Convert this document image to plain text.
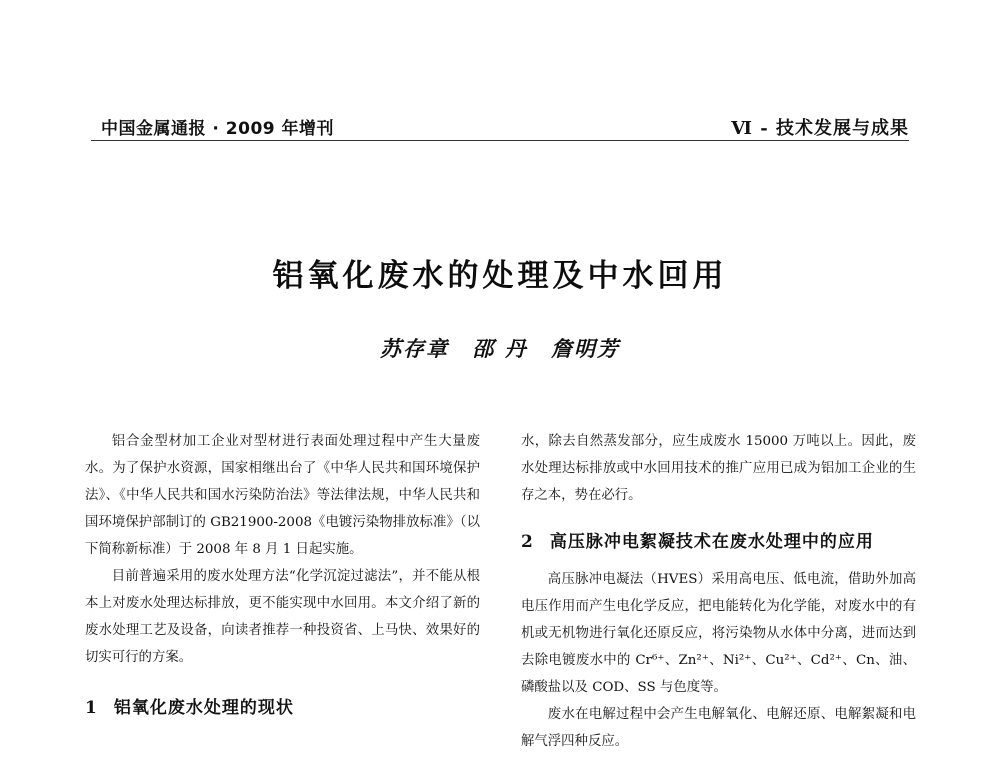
中国金属通报 · 2009 年增刊	Ⅵ - 技术发展与成果
铝氧化废水的处理及中水回用
苏存章 邵 丹 詹明芳

铝合金型材加工企业对型材进行表面处理过程中产生大量废水。为了保护水资源，国家相继出台了《中华人民共和国环境保护法》、《中华人民共和国水污染防治法》等法律法规，中华人民共和国环境保护部制订的 GB21900-2008《电镀污染物排放标准》（以下简称新标准）于 2008 年 8 月 1 日起实施。

目前普遍采用的废水处理方法“化学沉淀过滤法”，并不能从根本上对废水处理达标排放，更不能实现中水回用。本文介绍了新的废水处理工艺及设备，向读者推荐一种投资省、上马快、效果好的切实可行的方案。

1 铝氧化废水处理的现状

水，除去自然蒸发部分，应生成废水 15000 万吨以上。因此，废水处理达标排放或中水回用技术的推广应用已成为铝加工企业的生存之本，势在必行。

2 高压脉冲电絮凝技术在废水处理中的应用

高压脉冲电凝法（HVES）采用高电压、低电流，借助外加高电压作用而产生电化学反应，把电能转化为化学能，对废水中的有机或无机物进行氧化还原反应，将污染物从水体中分离，进而达到去除电镀废水中的 Cr⁶⁺、Zn²⁺、Ni²⁺、Cu²⁺、Cd²⁺、Cn、油、磷酸盐以及 COD、SS 与色度等。

废水在电解过程中会产生电解氧化、电解还原、电解絮凝和电解气浮四种反应。
